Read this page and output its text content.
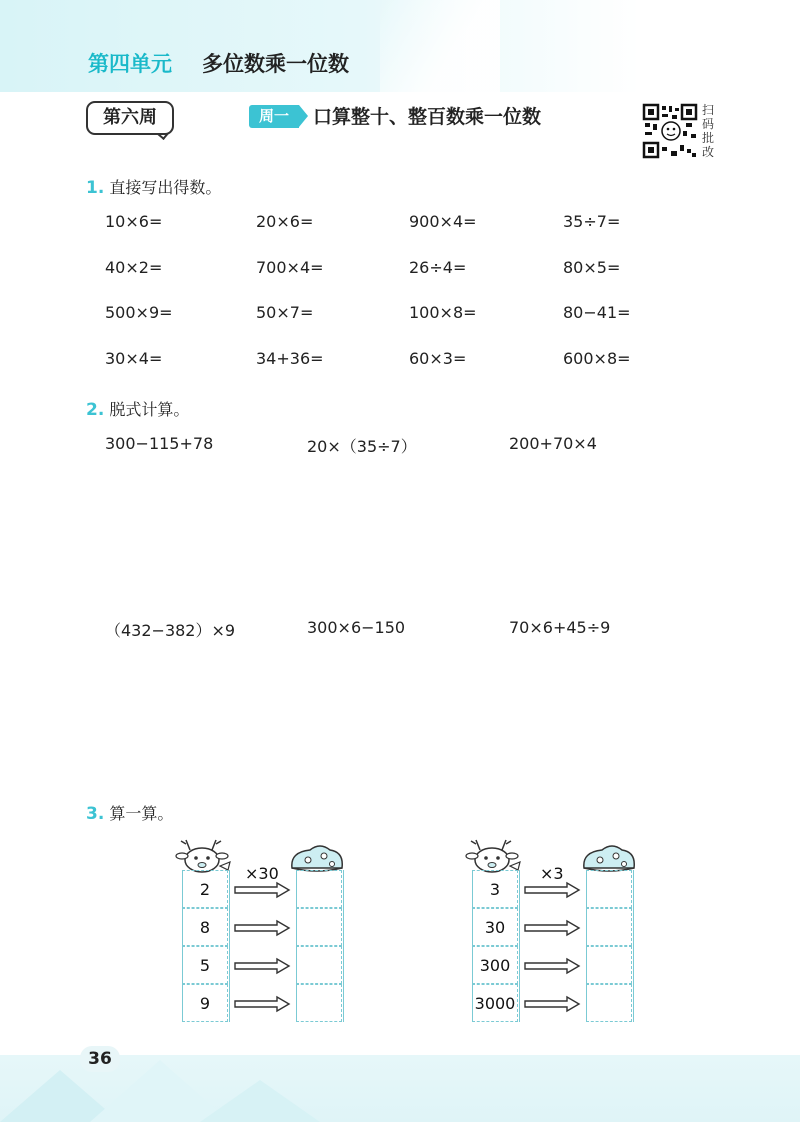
第四单元 多位数乘一位数
第六周	周一	口算整十、整百数乘一位数	扫码批改
1. 直接写出得数。
10×6=	20×6=	900×4=	35÷7=
40×2=	700×4=	26÷4=	80×5=
500×9=	50×7=	100×8=	80−41=
30×4=	34+36=	60×3=	600×8=
2. 脱式计算。
300−115+78	20×（35÷7）	200+70×4
（432−382）×9	300×6−150	70×6+45÷9
3. 算一算。
×30
2
8
5
9
×3
3
30
300
3000
36
